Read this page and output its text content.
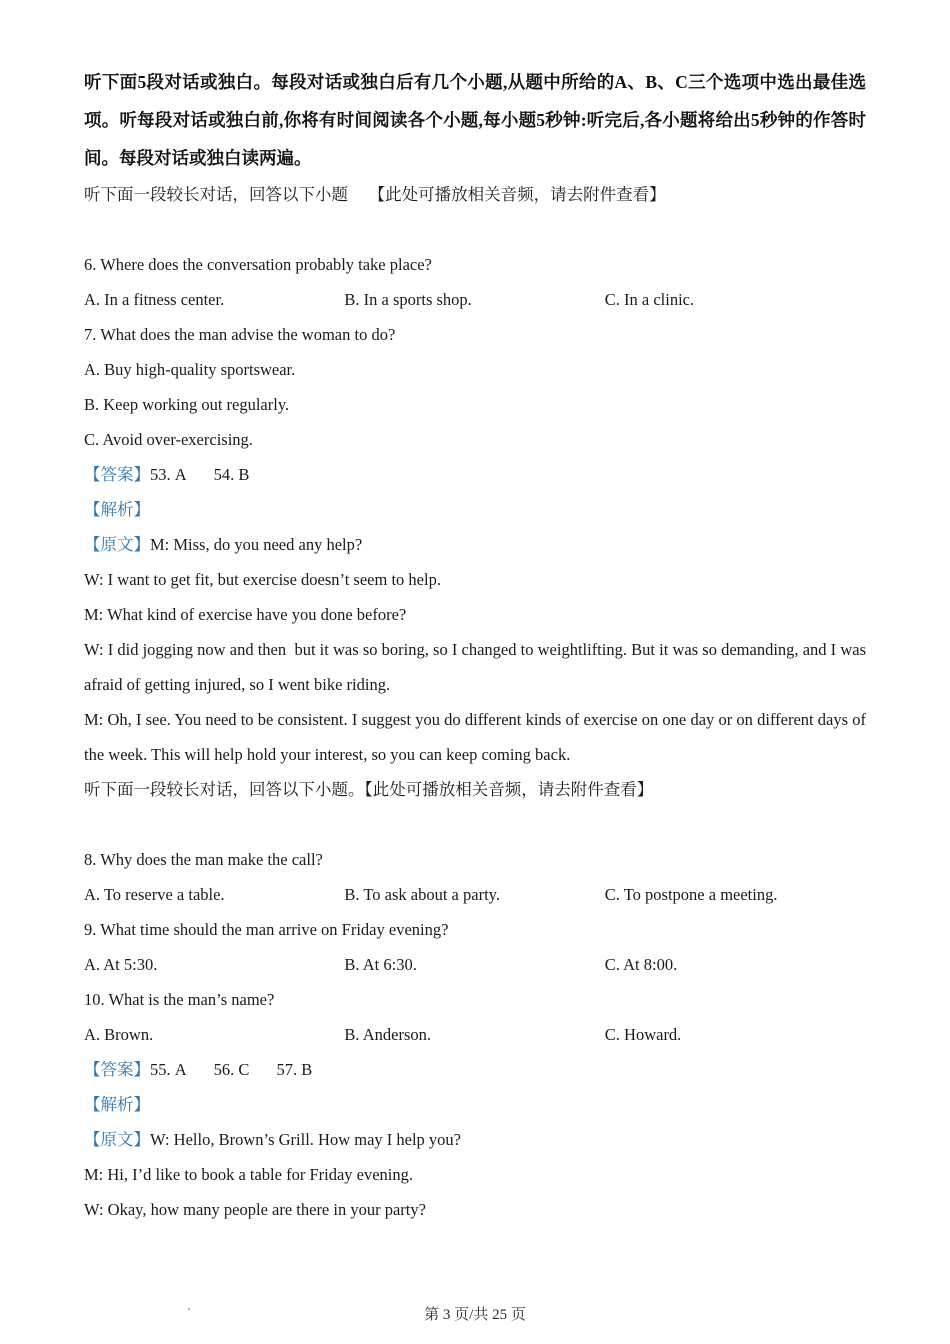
听下面5段对话或独白。每段对话或独白后有几个小题,从题中所给的A、B、C三个选项中选出最佳选项。听每段对话或独白前,你将有时间阅读各个小题,每小题5秒钟:听完后,各小题将给出5秒钟的作答时间。每段对话或独白读两遍。

听下面一段较长对话，回答以下小题　 【此处可播放相关音频，请去附件查看】

6. Where does the conversation probably take place?

A. In a fitness center.	B. In a sports shop.	C. In a clinic.

7. What does the man advise the woman to do?

A. Buy high-quality sportswear.

B. Keep working out regularly.

C. Avoid over-exercising.

【答案】53. A 54. B

【解析】

【原文】M: Miss, do you need any help?

W: I want to get fit, but exercise doesn’t seem to help.

M: What kind of exercise have you done before?

W: I did jogging now and then  but it was so boring, so I changed to weightlifting. But it was so demanding, and I was afraid of getting injured, so I went bike riding.

M: Oh, I see. You need to be consistent. I suggest you do different kinds of exercise on one day or on different days of the week. This will help hold your interest, so you can keep coming back.

听下面一段较长对话，回答以下小题。【此处可播放相关音频，请去附件查看】

8. Why does the man make the call?

A. To reserve a table.	B. To ask about a party.	C. To postpone a meeting.

9. What time should the man arrive on Friday evening?

A. At 5:30.	B. At 6:30.	C. At 8:00.

10. What is the man’s name?

A. Brown.	B. Anderson.	C. Howard.

【答案】55. A 56. C 57. B

【解析】

【原文】W: Hello, Brown’s Grill. How may I help you?

M: Hi, I’d like to book a table for Friday evening.

W: Okay, how many people are there in your party?

第 3 页/共 25 页
